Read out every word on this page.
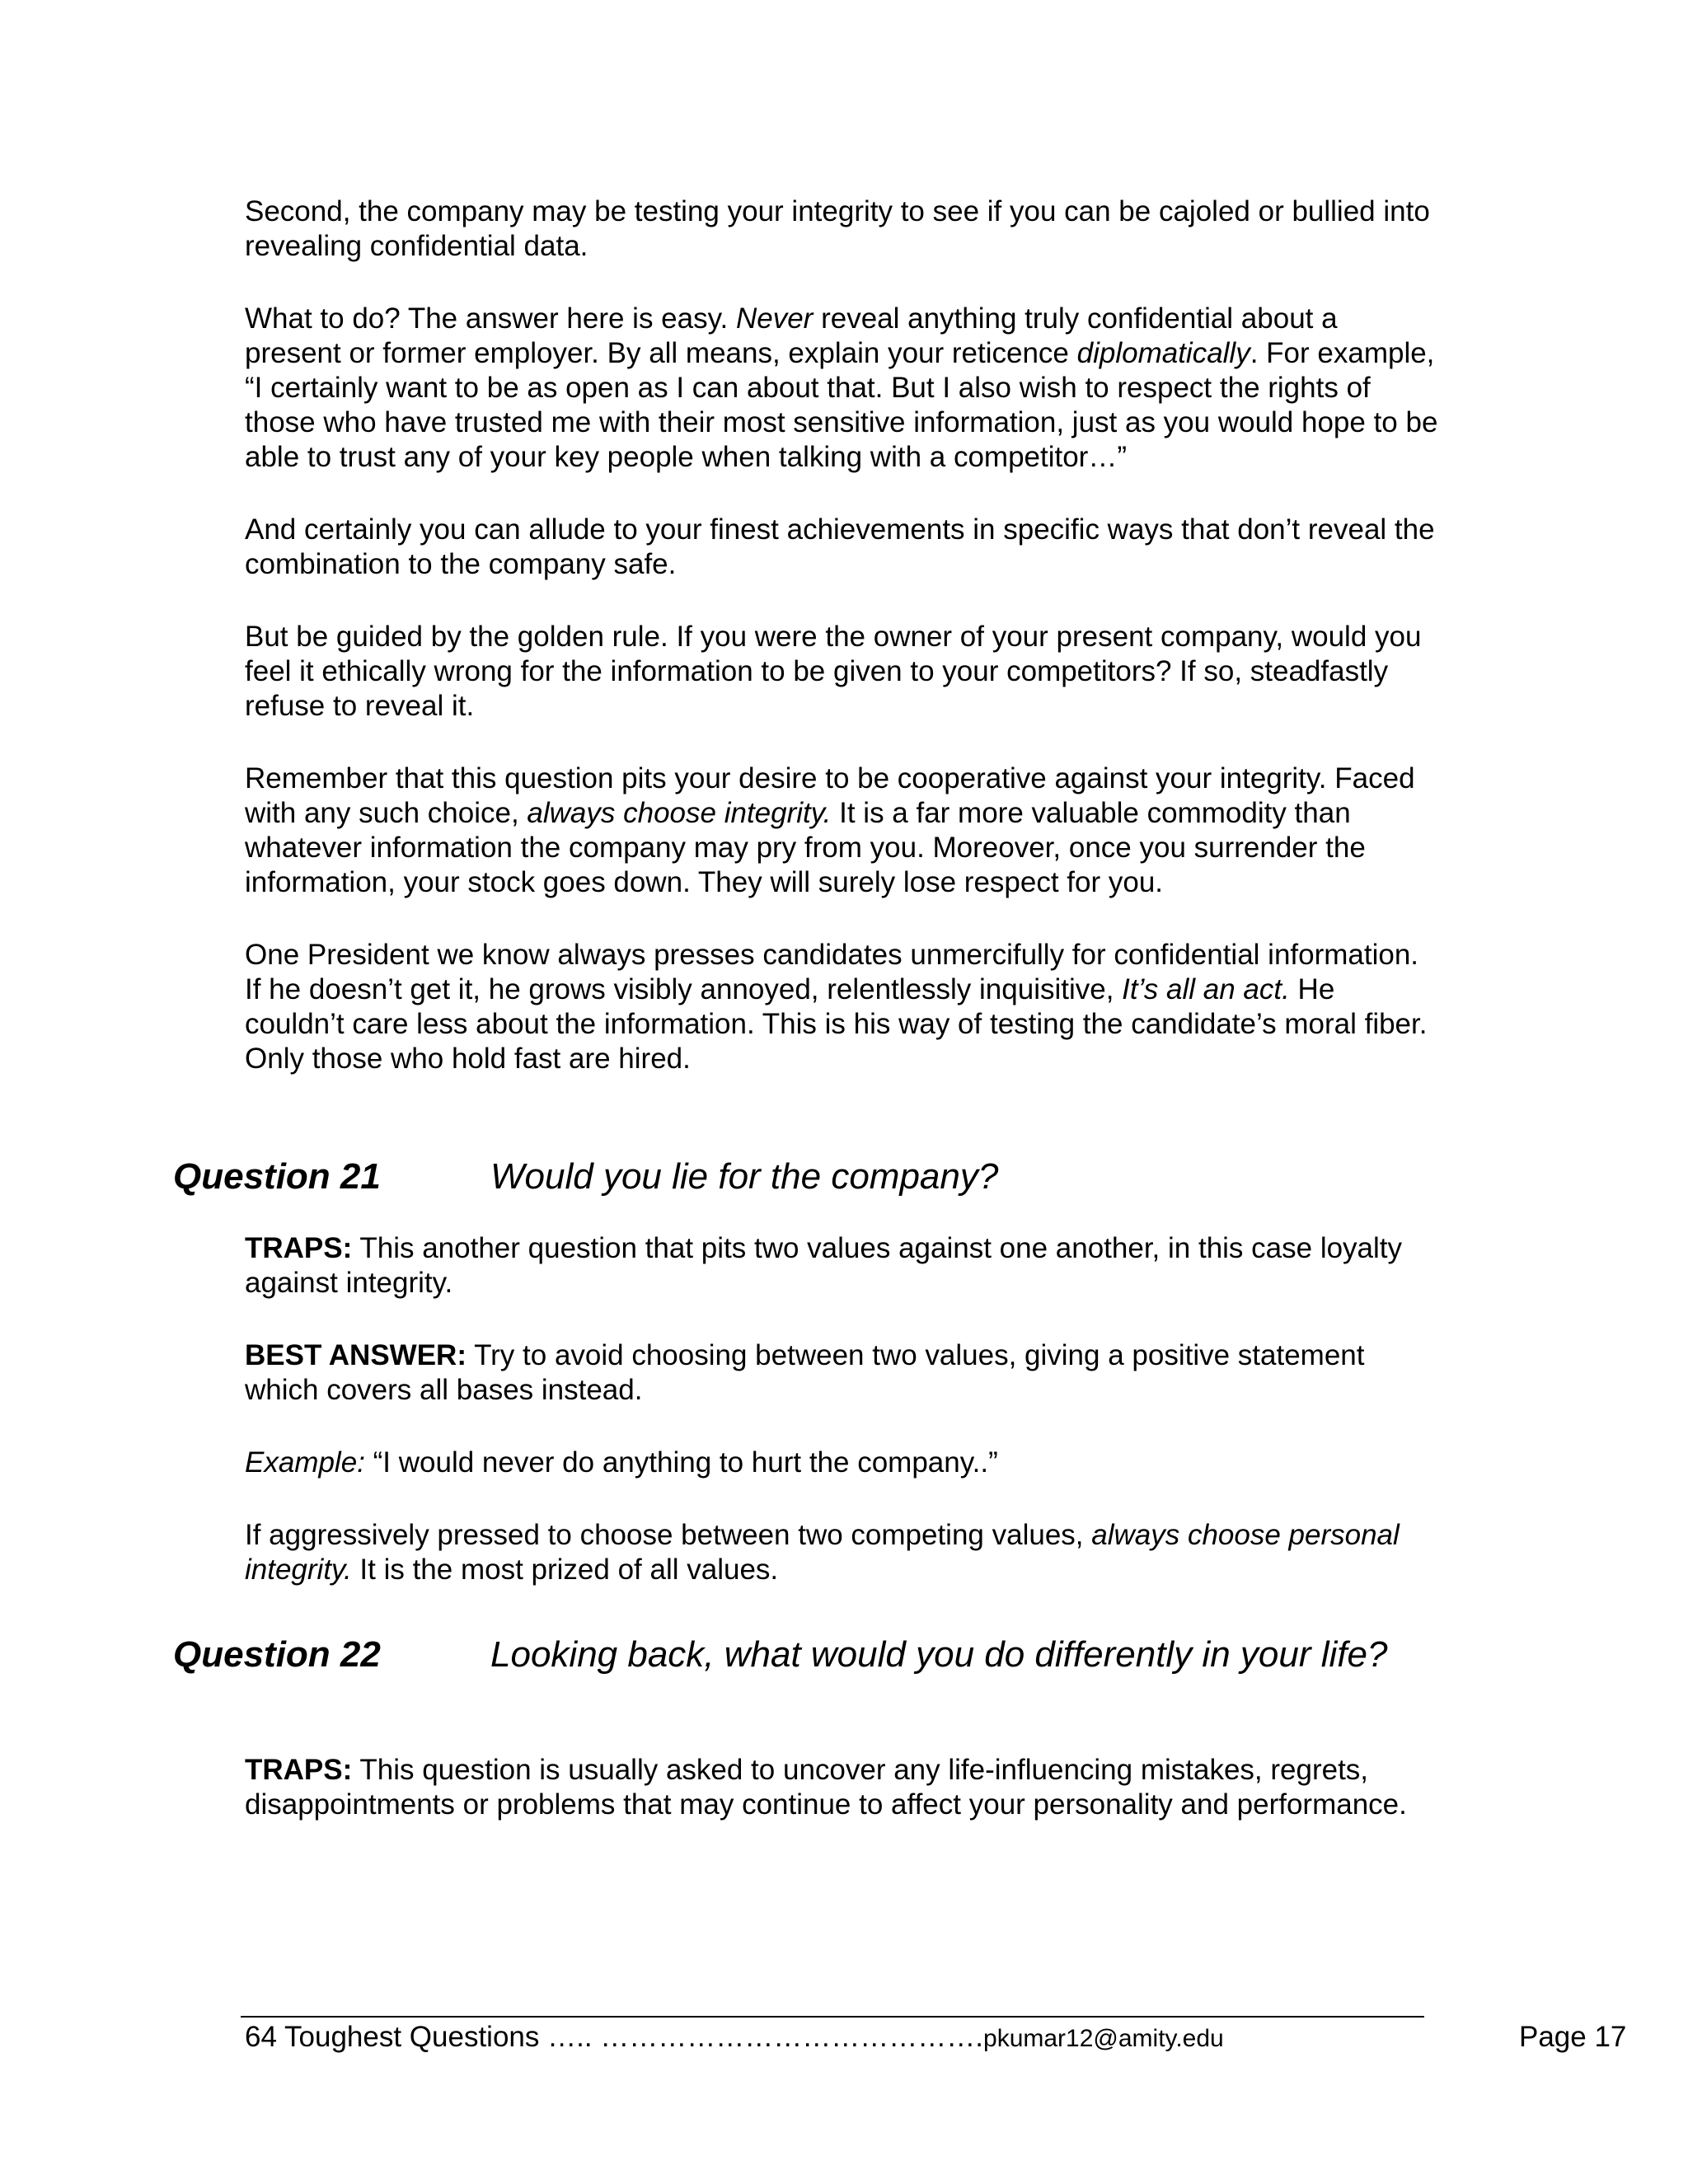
Second, the company may be testing your integrity to see if you can be cajoled or bullied into revealing confidential data.

What to do? The answer here is easy. Never reveal anything truly confidential about a present or former employer. By all means, explain your reticence diplomatically. For example, “I certainly want to be as open as I can about that. But I also wish to respect the rights of those who have trusted me with their most sensitive information, just as you would hope to be able to trust any of your key people when talking with a competitor…”

And certainly you can allude to your finest achievements in specific ways that don’t reveal the combination to the company safe.

But be guided by the golden rule. If you were the owner of your present company, would you feel it ethically wrong for the information to be given to your competitors? If so, steadfastly refuse to reveal it.

Remember that this question pits your desire to be cooperative against your integrity. Faced with any such choice, always choose integrity. It is a far more valuable commodity than whatever information the company may pry from you. Moreover, once you surrender the information, your stock goes down. They will surely lose respect for you.

One President we know always presses candidates unmercifully for confidential information. If he doesn’t get it, he grows visibly annoyed, relentlessly inquisitive, It’s all an act. He couldn’t care less about the information. This is his way of testing the candidate’s moral fiber. Only those who hold fast are hired.

Question 21	Would you lie for the company?

TRAPS: This another question that pits two values against one another, in this case loyalty against integrity.

BEST ANSWER: Try to avoid choosing between two values, giving a positive statement which covers all bases instead.

Example: “I would never do anything to hurt the company..”

If aggressively pressed to choose between two competing values, always choose personal integrity. It is the most prized of all values.

Question 22	Looking back, what would you do differently in your life?

TRAPS: This question is usually asked to uncover any life-influencing mistakes, regrets, disappointments or problems that may continue to affect your personality and performance.

64 Toughest Questions ….. ………………………………….pkumar12@amity.edu	Page 17
